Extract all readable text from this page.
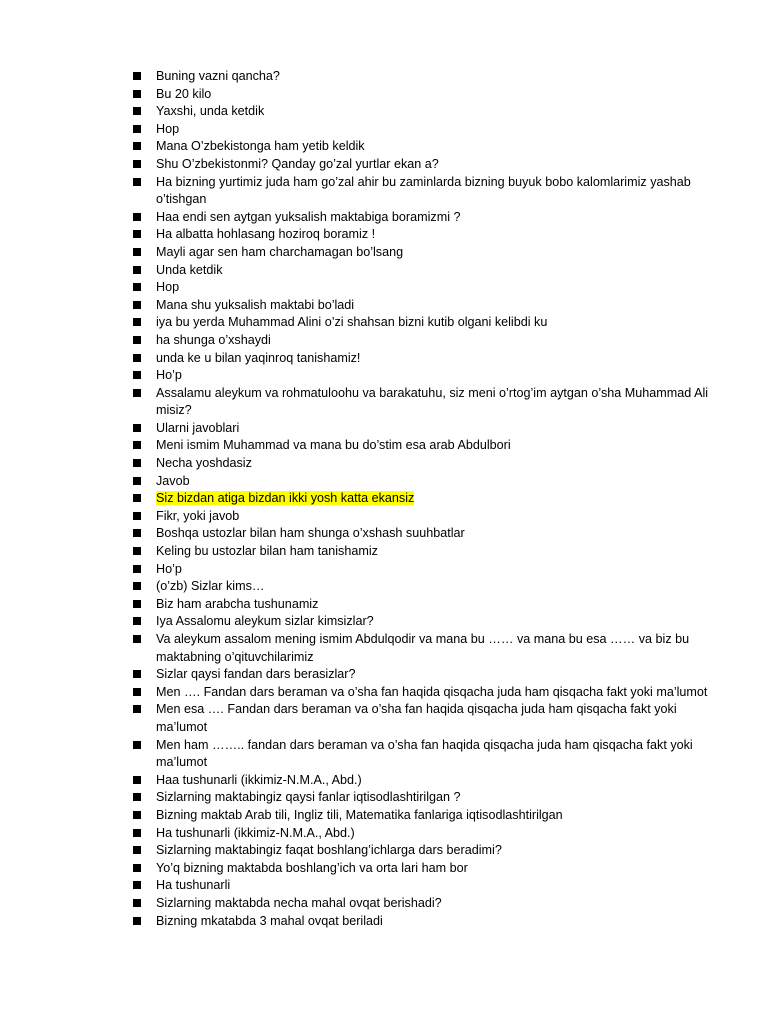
Buning vazni qancha?
Bu 20 kilo
Yaxshi, unda ketdik
Hop
Mana O’zbekistonga ham yetib keldik
Shu O’zbekistonmi? Qanday go’zal yurtlar ekan a?
Ha bizning yurtimiz juda ham go’zal ahir bu zaminlarda bizning buyuk bobo kalomlarimiz yashab o’tishgan
Haa endi sen aytgan yuksalish maktabiga boramizmi ?
Ha albatta hohlasang hoziroq boramiz !
Mayli agar sen ham charchamagan bo’lsang
Unda ketdik
Hop
Mana shu yuksalish maktabi bo’ladi
iya bu yerda Muhammad Alini o’zi shahsan bizni kutib olgani kelibdi ku
ha shunga o’xshaydi
unda ke u bilan yaqinroq tanishamiz!
Ho’p
Assalamu aleykum va rohmatuloohu va barakatuhu, siz meni o’rtog’im aytgan o’sha Muhammad Ali misiz?
Ularni javoblari
Meni ismim Muhammad va mana bu do’stim esa arab Abdulbori
Necha yoshdasiz
Javob
Siz bizdan atiga bizdan ikki yosh katta ekansiz
Fikr, yoki javob
Boshqa ustozlar bilan ham shunga o’xshash suuhbatlar
Keling bu ustozlar bilan ham tanishamiz
Ho’p
(o’zb) Sizlar kims…
Biz ham arabcha tushunamiz
Iya Assalomu aleykum sizlar kimsizlar?
Va aleykum assalom mening ismim Abdulqodir va mana bu …… va mana bu esa …… va biz bu maktabning o’qituvchilarimiz
Sizlar qaysi fandan dars berasizlar?
Men …. Fandan dars beraman va o’sha fan haqida qisqacha juda ham qisqacha fakt yoki ma’lumot
Men esa …. Fandan dars beraman va o’sha fan haqida qisqacha juda ham qisqacha fakt yoki ma’lumot
Men ham …….. fandan dars beraman va o’sha fan haqida qisqacha juda ham qisqacha fakt yoki ma’lumot
Haa tushunarli (ikkimiz-N.M.A., Abd.)
Sizlarning maktabingiz qaysi fanlar iqtisodlashtirilgan ?
Bizning maktab Arab tili, Ingliz tili, Matematika fanlariga iqtisodlashtirilgan
Ha tushunarli (ikkimiz-N.M.A., Abd.)
Sizlarning maktabingiz faqat boshlang’ichlarga dars beradimi?
Yo’q bizning maktabda boshlang’ich va orta lari ham bor
Ha tushunarli
Sizlarning maktabda necha mahal ovqat berishadi?
Bizning mkatabda 3 mahal ovqat beriladi
